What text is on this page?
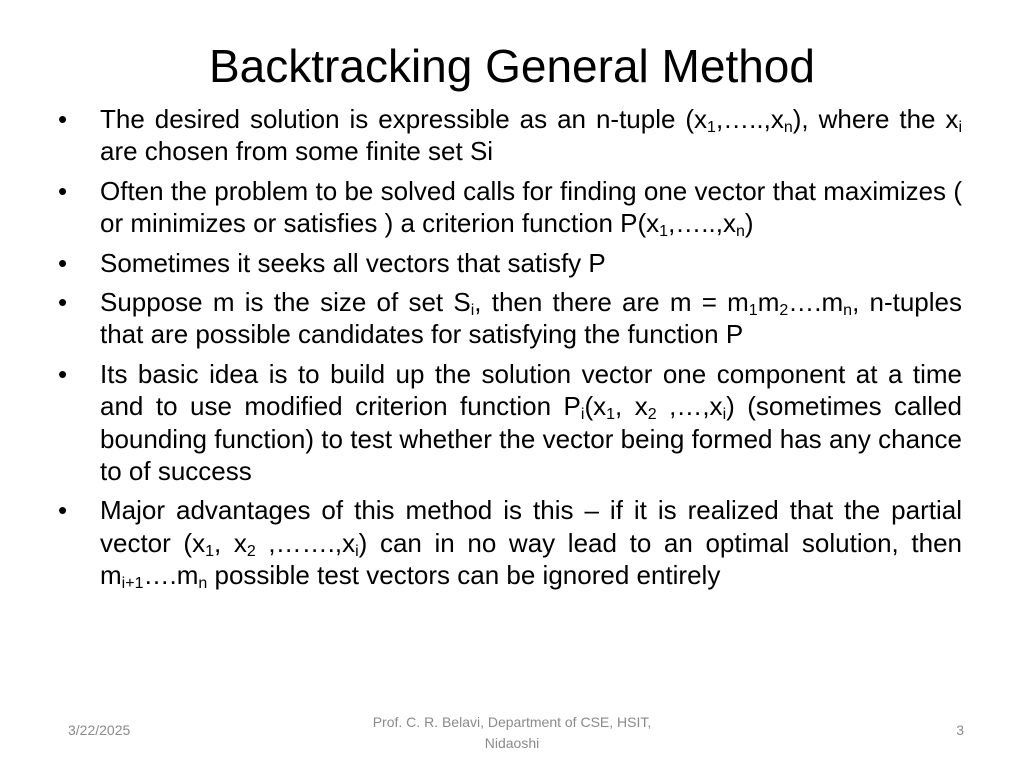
Backtracking General Method
• The desired solution is expressible as an n-tuple $(x_1,\dots..,x_n)$, where the $x_i$ are chosen from some finite set Si
• Often the problem to be solved calls for finding one vector that maximizes ( or minimizes or satisfies ) a criterion function $P(x_1,\dots..,x_n)$
• Sometimes it seeks all vectors that satisfy P
• Suppose m is the size of set $S_i$, then there are $m = m_1m_2\dots.m_n$, n-tuples that are possible candidates for satisfying the function P
• Its basic idea is to build up the solution vector one component at a time and to use modified criterion function $P_i(x_1$, $x_2$ $,\dots,x_i$) (sometimes called bounding function) to test whether the vector being formed has any chance to of success
• Major advantages of this method is this – if it is realized that the partial vector ($x_1$, $x_2$ $,\dots\dots.,x_i$) can in no way lead to an optimal solution, then $m_{i+1}\dots.m_n$ possible test vectors can be ignored entirely
3/22/2025	Prof. C. R. Belavi, Department of CSE, HSIT,
Nidaoshi
3
